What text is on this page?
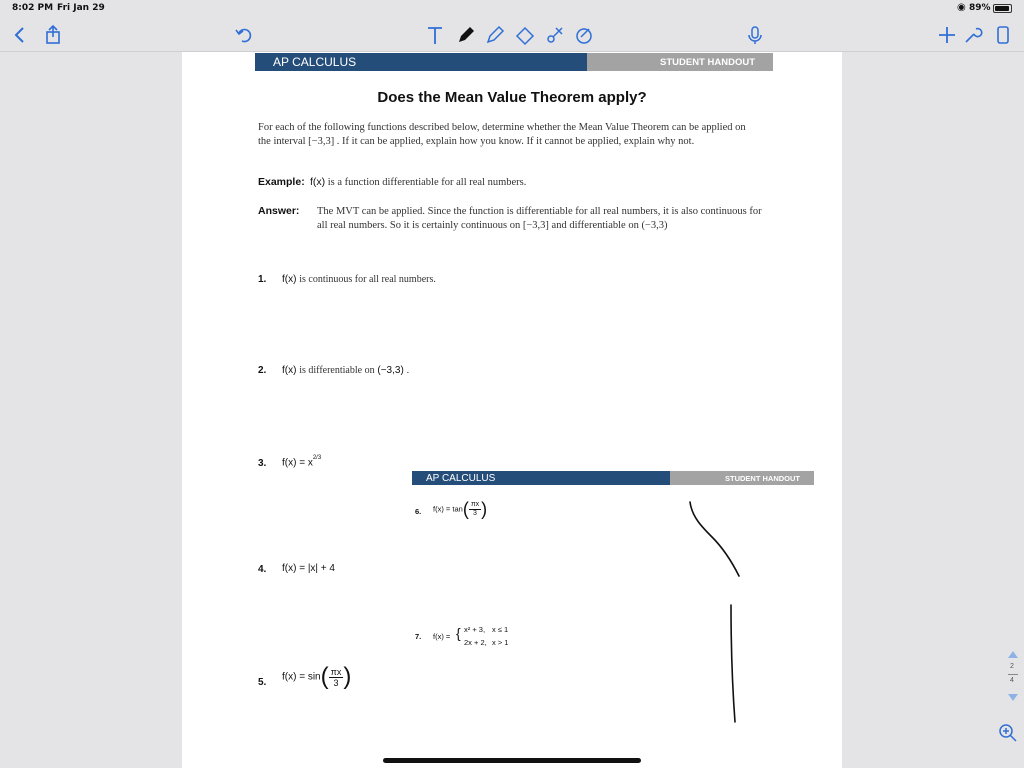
8:02 PM Fri Jan 29	◉ 89%
AP CALCULUS	STUDENT HANDOUT
Does the Mean Value Theorem apply?
For each of the following functions described below, determine whether the Mean Value Theorem can be applied on the interval [−3,3] . If it can be applied, explain how you know. If it cannot be applied, explain why not.
Example: f(x) is a function differentiable for all real numbers.
Answer: The MVT can be applied. Since the function is differentiable for all real numbers, it is also continuous for all real numbers. So it is certainly continuous on [−3,3] and differentiable on (−3,3)
1. f(x) is continuous for all real numbers.
2. f(x) is differentiable on (−3,3) .
3. $f(x) = x^{2/3}$
4. f(x) = |x| + 4
5. $f(x) = \sin( \frac{\pi x}{3}$ )
AP CALCULUS	STUDENT HANDOUT
6. $f(x) = \tan( \frac{\pi x}{3}$ )
7. f(x) = { x² + 3, x ≤ 1
2x + 2, x > 1
2
4
